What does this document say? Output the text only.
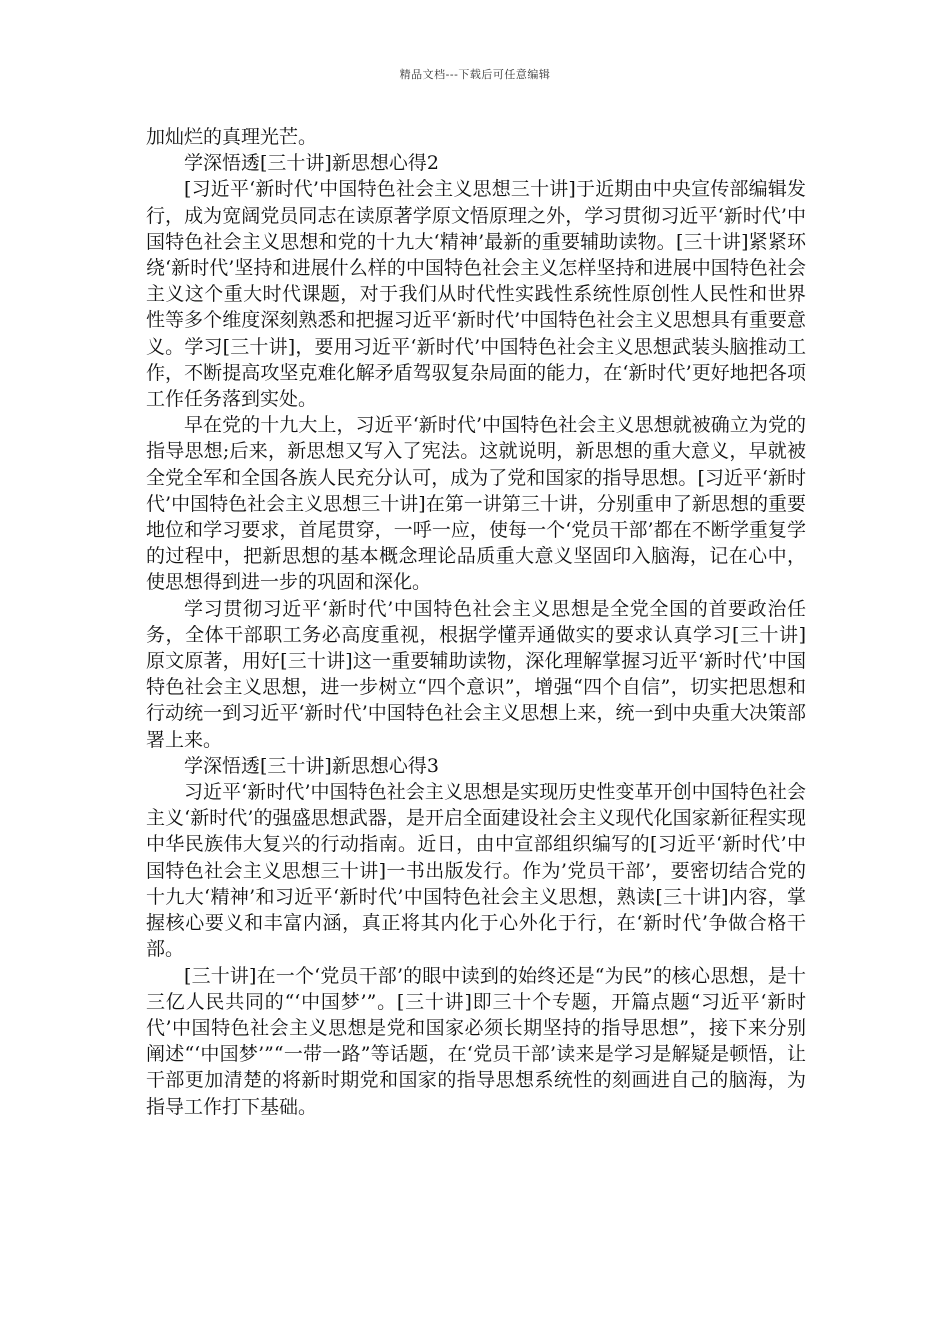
精品文档---下载后可任意编辑

加灿烂的真理光芒。

学深悟透[三十讲]新思想心得2

[习近平‘新时代’中国特色社会主义思想三十讲]于近期由中央宣传部编辑发行，成为宽阔党员同志在读原著学原文悟原理之外，学习贯彻习近平‘新时代’中国特色社会主义思想和党的十九大‘精神’最新的重要辅助读物。[三十讲]紧紧环绕‘新时代’坚持和进展什么样的中国特色社会主义怎样坚持和进展中国特色社会主义这个重大时代课题，对于我们从时代性实践性系统性原创性人民性和世界性等多个维度深刻熟悉和把握习近平‘新时代’中国特色社会主义思想具有重要意义。学习[三十讲]，要用习近平‘新时代’中国特色社会主义思想武装头脑推动工作，不断提高攻坚克难化解矛盾驾驭复杂局面的能力，在‘新时代’更好地把各项工作任务落到实处。

早在党的十九大上，习近平‘新时代’中国特色社会主义思想就被确立为党的指导思想;后来，新思想又写入了宪法。这就说明，新思想的重大意义，早就被全党全军和全国各族人民充分认可，成为了党和国家的指导思想。[习近平‘新时代’中国特色社会主义思想三十讲]在第一讲第三十讲，分别重申了新思想的重要地位和学习要求，首尾贯穿，一呼一应，使每一个‘党员干部’都在不断学重复学的过程中，把新思想的基本概念理论品质重大意义坚固印入脑海，记在心中，使思想得到进一步的巩固和深化。

学习贯彻习近平‘新时代’中国特色社会主义思想是全党全国的首要政治任务，全体干部职工务必高度重视，根据学懂弄通做实的要求认真学习[三十讲]原文原著，用好[三十讲]这一重要辅助读物，深化理解掌握习近平‘新时代’中国特色社会主义思想，进一步树立“四个意识”，增强“四个自信”，切实把思想和行动统一到习近平‘新时代’中国特色社会主义思想上来，统一到中央重大决策部署上来。

学深悟透[三十讲]新思想心得3

习近平‘新时代’中国特色社会主义思想是实现历史性变革开创中国特色社会主义‘新时代’的强盛思想武器，是开启全面建设社会主义现代化国家新征程实现中华民族伟大复兴的行动指南。近日，由中宣部组织编写的[习近平‘新时代’中国特色社会主义思想三十讲]一书出版发行。作为’党员干部’，要密切结合党的十九大‘精神’和习近平‘新时代’中国特色社会主义思想，熟读[三十讲]内容，掌握核心要义和丰富内涵，真正将其内化于心外化于行，在‘新时代’争做合格干部。

[三十讲]在一个‘党员干部’的眼中读到的始终还是“为民”的核心思想，是十三亿人民共同的“‘中国梦’”。[三十讲]即三十个专题，开篇点题“习近平‘新时代’中国特色社会主义思想是党和国家必须长期坚持的指导思想”，接下来分别阐述“‘中国梦’”“一带一路”等话题，在‘党员干部’读来是学习是解疑是顿悟，让干部更加清楚的将新时期党和国家的指导思想系统性的刻画进自己的脑海，为指导工作打下基础。
